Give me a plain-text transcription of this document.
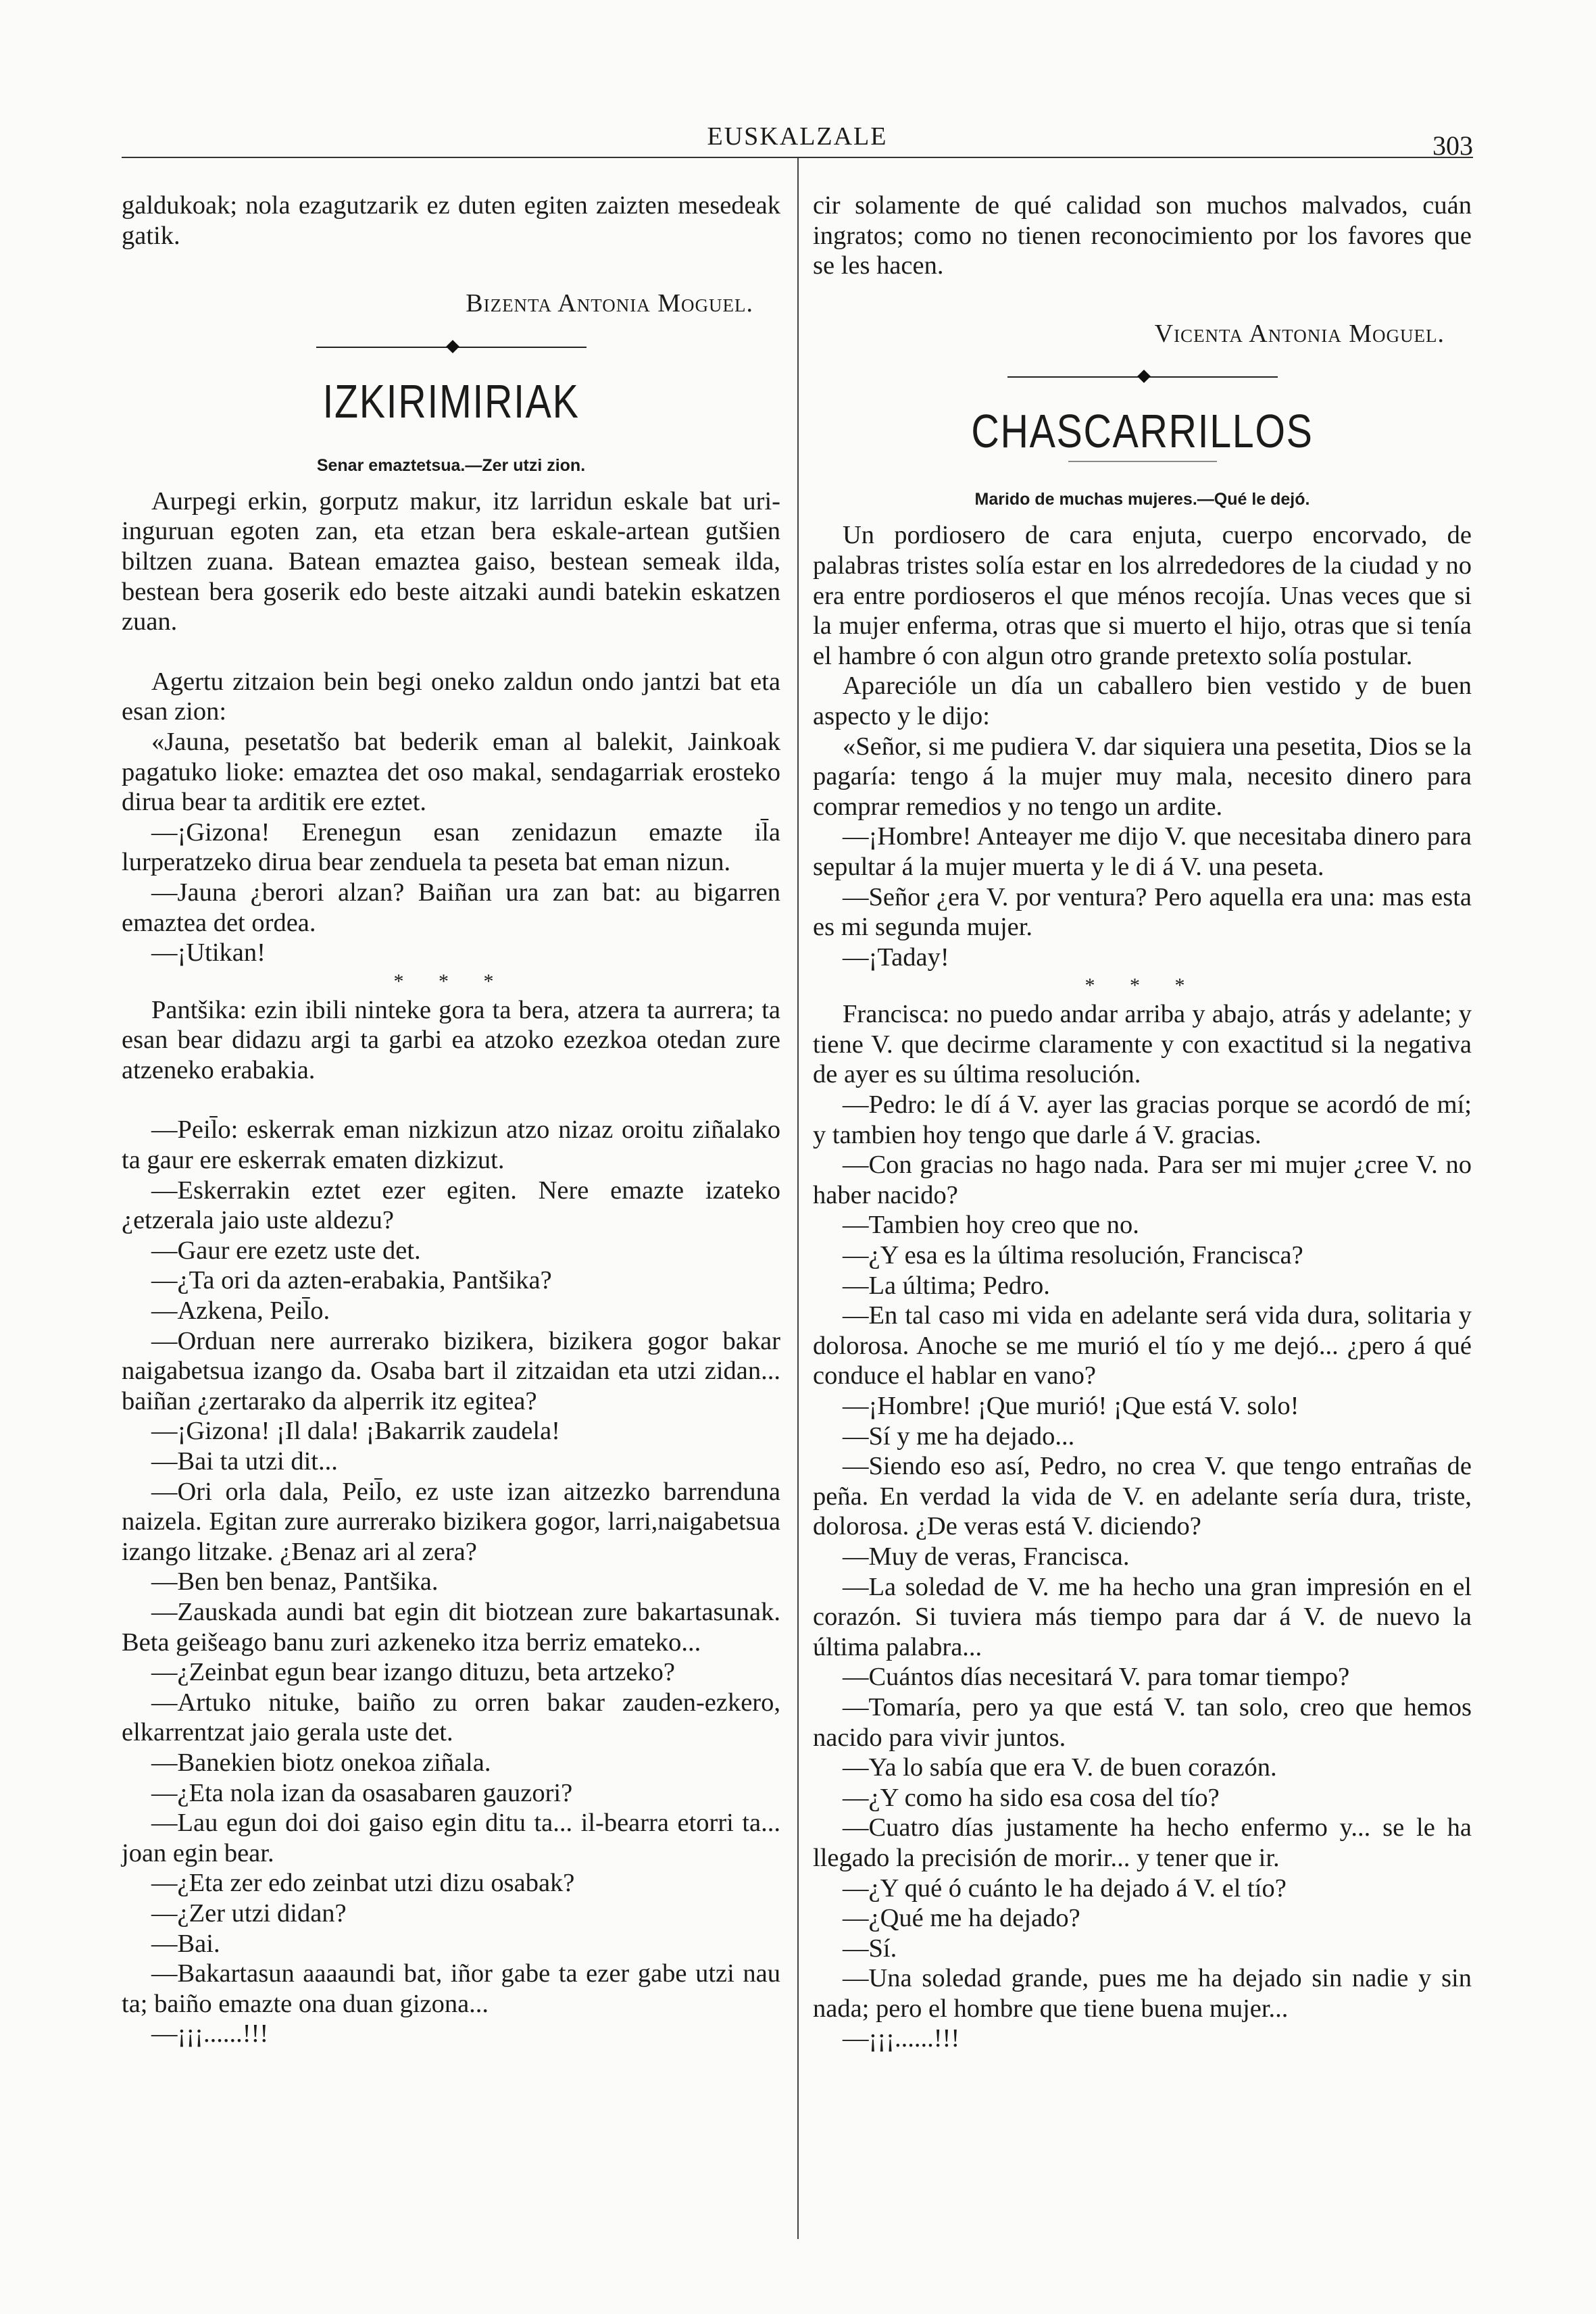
EUSKALZALE	303

galdukoak; nola ezagutzarik ez duten egiten zaizten mesedeak gatik.

Bizenta Antonia Moguel.
IZKIRIMIRIAK
Senar emaztetsua.—Zer utzi zion.

Aurpegi erkin, gorputz makur, itz larridun eskale bat uri-inguruan egoten zan, eta etzan bera eskale-artean gutšien biltzen zuana. Batean emaztea gaiso, bestean semeak ilda, bestean bera goserik edo beste aitzaki aundi batekin eskatzen zuan.

Agertu zitzaion bein begi oneko zaldun ondo jantzi bat eta esan zion:

«Jauna, pesetatšo bat bederik eman al balekit, Jainkoak pagatuko lioke: emaztea det oso makal, sendagarriak erosteko dirua bear ta arditik ere eztet.

—¡Gizona! Erenegun esan zenidazun emazte il̄a lurperatzeko dirua bear zenduela ta peseta bat eman nizun.

—Jauna ¿berori alzan? Baiñan ura zan bat: au bigarren emaztea det ordea.

—¡Utikan!

* * *

Pantšika: ezin ibili ninteke gora ta bera, atzera ta aurrera; ta esan bear didazu argi ta garbi ea atzoko ezezkoa otedan zure atzeneko erabakia.

—Peil̄o: eskerrak eman nizkizun atzo nizaz oroitu ziñalako ta gaur ere eskerrak ematen dizkizut.

—Eskerrakin eztet ezer egiten. Nere emazte izateko ¿etzerala jaio uste aldezu?

—Gaur ere ezetz uste det.

—¿Ta ori da azten-erabakia, Pantšika?

—Azkena, Peil̄o.

—Orduan nere aurrerako bizikera, bizikera gogor bakar naigabetsua izango da. Osaba bart il zitzaidan eta utzi zidan... baiñan ¿zertarako da alperrik itz egitea?

—¡Gizona! ¡Il dala! ¡Bakarrik zaudela!

—Bai ta utzi dit...

—Ori orla dala, Peil̄o, ez uste izan aitzezko barrenduna naizela. Egitan zure aurrerako bizikera gogor, larri,naigabetsua izango litzake. ¿Benaz ari al zera?

—Ben ben benaz, Pantšika.

—Zauskada aundi bat egin dit biotzean zure bakartasunak. Beta geišeago banu zuri azkeneko itza berriz emateko...

—¿Zeinbat egun bear izango dituzu, beta artzeko?

—Artuko nituke, baiño zu orren bakar zauden-ezkero, elkarrentzat jaio gerala uste det.

—Banekien biotz onekoa ziñala.

—¿Eta nola izan da osasabaren gauzori?

—Lau egun doi doi gaiso egin ditu ta... il-bearra etorri ta... joan egin bear.

—¿Eta zer edo zeinbat utzi dizu osabak?

—¿Zer utzi didan?

—Bai.

—Bakartasun aaaaundi bat, iñor gabe ta ezer gabe utzi nau ta; baiño emazte ona duan gizona...

—¡¡¡......!!!

cir solamente de qué calidad son muchos malvados, cuán ingratos; como no tienen reconocimiento por los favores que se les hacen.

Vicenta Antonia Moguel.
CHASCARRILLOS
Marido de muchas mujeres.—Qué le dejó.

Un pordiosero de cara enjuta, cuerpo encorvado, de palabras tristes solía estar en los alrrededores de la ciudad y no era entre pordioseros el que ménos recojía. Unas veces que si la mujer enferma, otras que si muerto el hijo, otras que si tenía el hambre ó con algun otro grande pretexto solía postular.

Aparecióle un día un caballero bien vestido y de buen aspecto y le dijo:

«Señor, si me pudiera V. dar siquiera una pesetita, Dios se la pagaría: tengo á la mujer muy mala, necesito dinero para comprar remedios y no tengo un ardite.

—¡Hombre! Anteayer me dijo V. que necesitaba dinero para sepultar á la mujer muerta y le di á V. una peseta.

—Señor ¿era V. por ventura? Pero aquella era una: mas esta es mi segunda mujer.

—¡Taday!

* * *

Francisca: no puedo andar arriba y abajo, atrás y adelante; y tiene V. que decirme claramente y con exactitud si la negativa de ayer es su última resolución.

—Pedro: le dí á V. ayer las gracias porque se acordó de mí; y tambien hoy tengo que darle á V. gracias.

—Con gracias no hago nada. Para ser mi mujer ¿cree V. no haber nacido?

—Tambien hoy creo que no.

—¿Y esa es la última resolución, Francisca?

—La última; Pedro.

—En tal caso mi vida en adelante será vida dura, solitaria y dolorosa. Anoche se me murió el tío y me dejó... ¿pero á qué conduce el hablar en vano?

—¡Hombre! ¡Que murió! ¡Que está V. solo!

—Sí y me ha dejado...

—Siendo eso así, Pedro, no crea V. que tengo entrañas de peña. En verdad la vida de V. en adelante sería dura, triste, dolorosa. ¿De veras está V. diciendo?

—Muy de veras, Francisca.

—La soledad de V. me ha hecho una gran impresión en el corazón. Si tuviera más tiempo para dar á V. de nuevo la última palabra...

—Cuántos días necesitará V. para tomar tiempo?

—Tomaría, pero ya que está V. tan solo, creo que hemos nacido para vivir juntos.

—Ya lo sabía que era V. de buen corazón.

—¿Y como ha sido esa cosa del tío?

—Cuatro días justamente ha hecho enfermo y... se le ha llegado la precisión de morir... y tener que ir.

—¿Y qué ó cuánto le ha dejado á V. el tío?

—¿Qué me ha dejado?

—Sí.

—Una soledad grande, pues me ha dejado sin nadie y sin nada; pero el hombre que tiene buena mujer...

—¡¡¡......!!!
